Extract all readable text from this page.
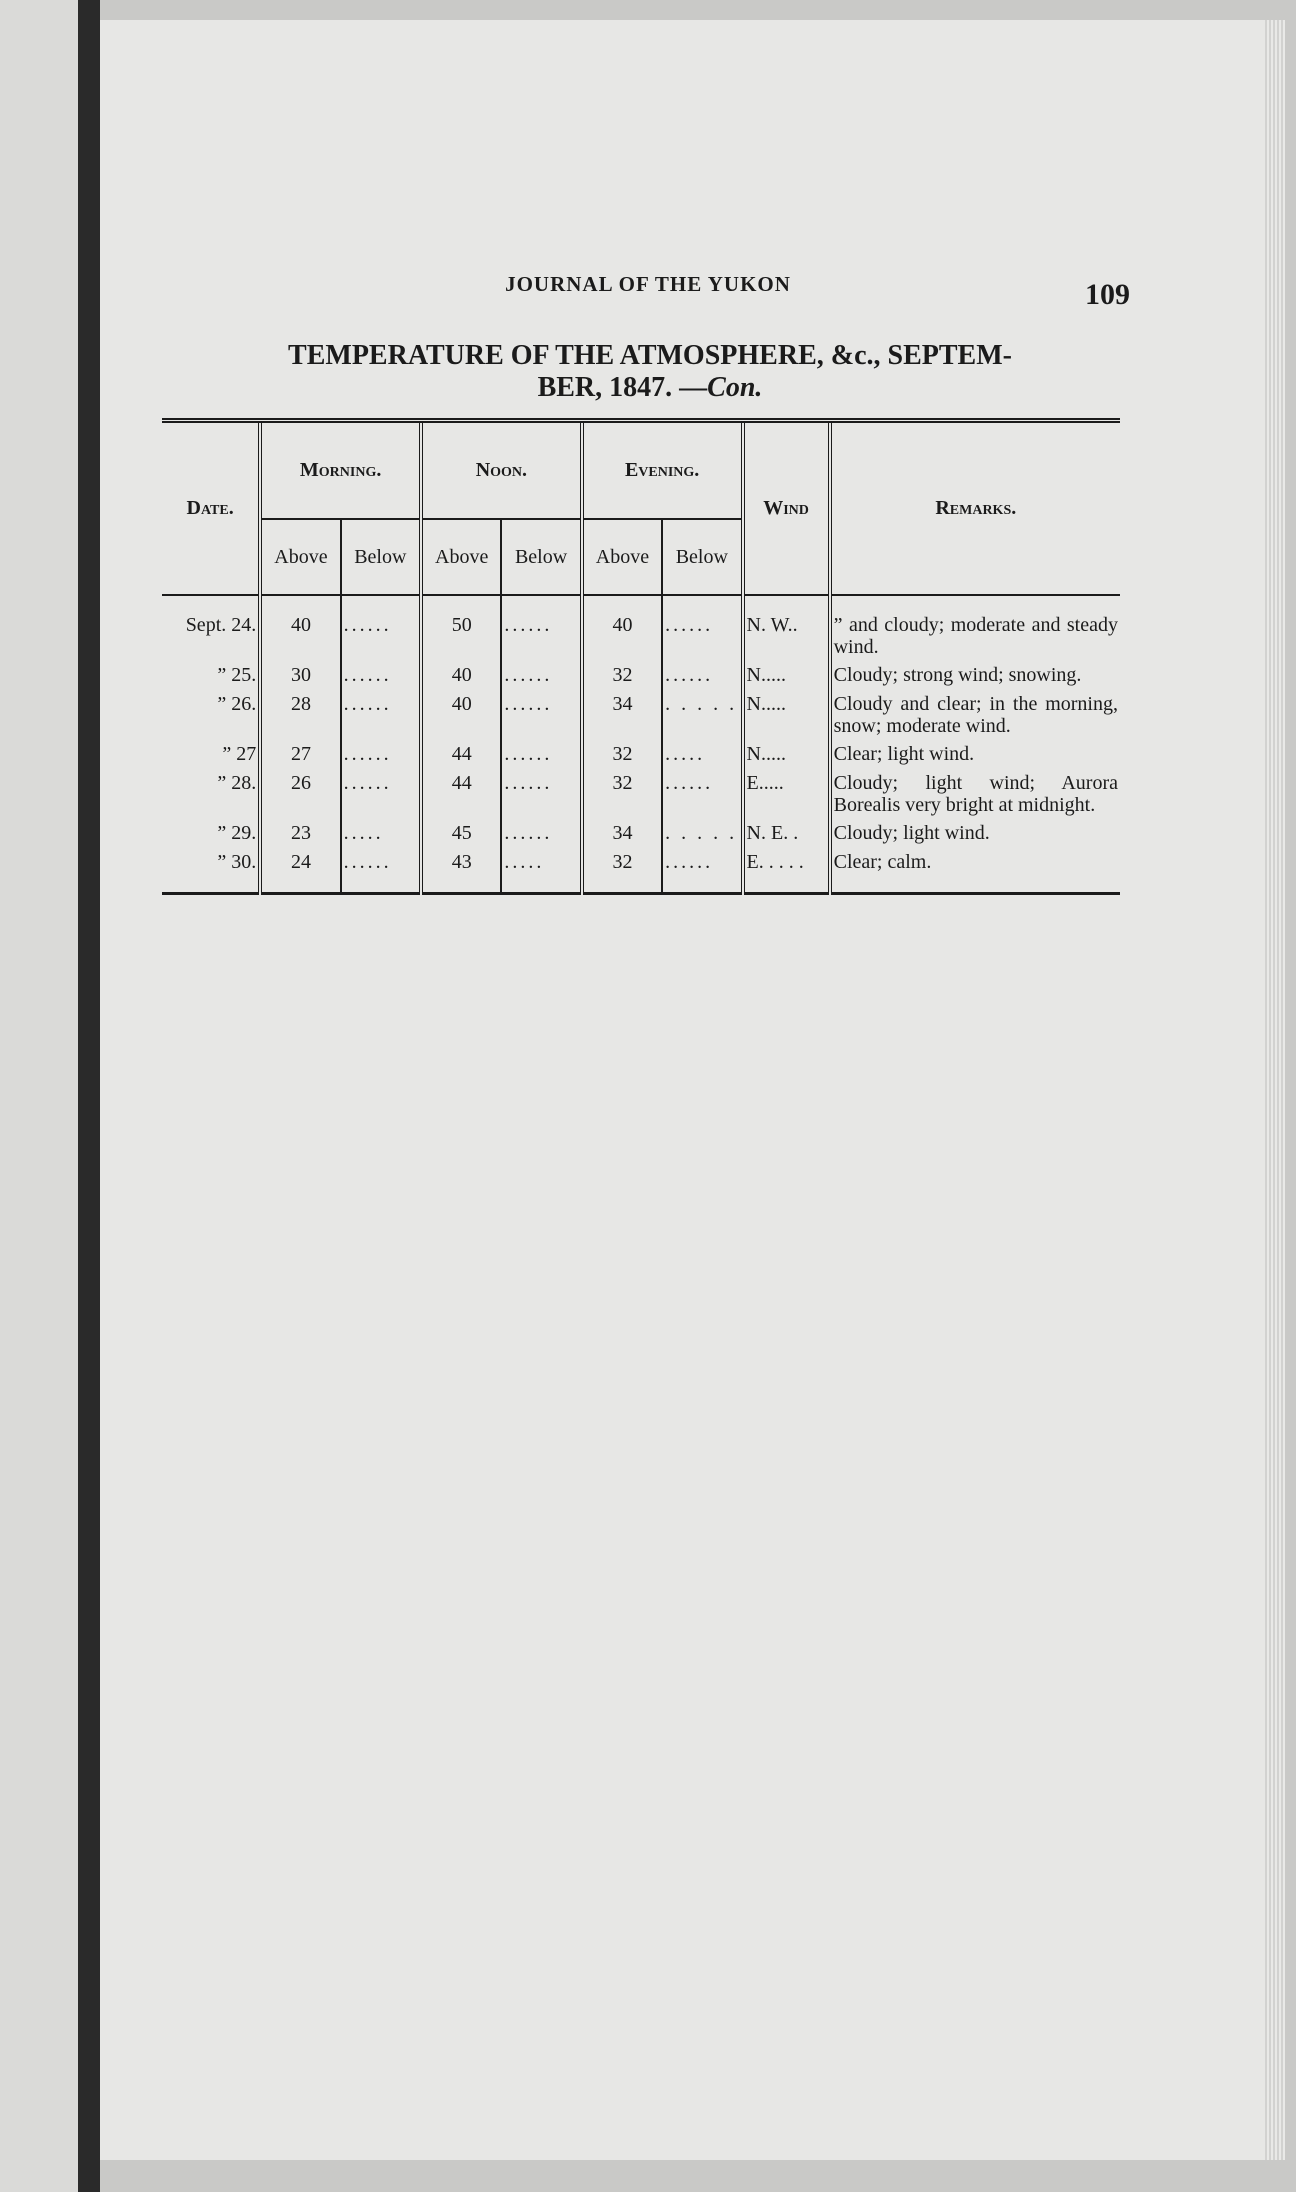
JOURNAL OF THE YUKON	109
TEMPERATURE OF THE ATMOSPHERE, &c., SEPTEM-
BER, 1847. —Con.
Date.	Morning.		Noon.		Evening.		Wind	Remarks.
	Above	Below	Above	Below	Above	Below		

Sept. 24.	40	......	50	......	40	......	N. W..	” and cloudy; moderate and steady wind.
” 25.	30	......	40	......	32	......	N.....	Cloudy; strong wind; snowing.
” 26.	28	......	40	......	34	. . . . .	N.....	Cloudy and clear; in the morning, snow; moderate wind.
” 27	27	......	44	......	32	.....	N.....	Clear; light wind.
” 28.	26	......	44	......	32	......	E.....	Cloudy; light wind; Aurora Borealis very bright at midnight.
” 29.	23	.....	45	......	34	. . . . .	N. E. .	Cloudy; light wind.
” 30.	24	......	43	.....	32	......	E. . . . .	Clear; calm.
